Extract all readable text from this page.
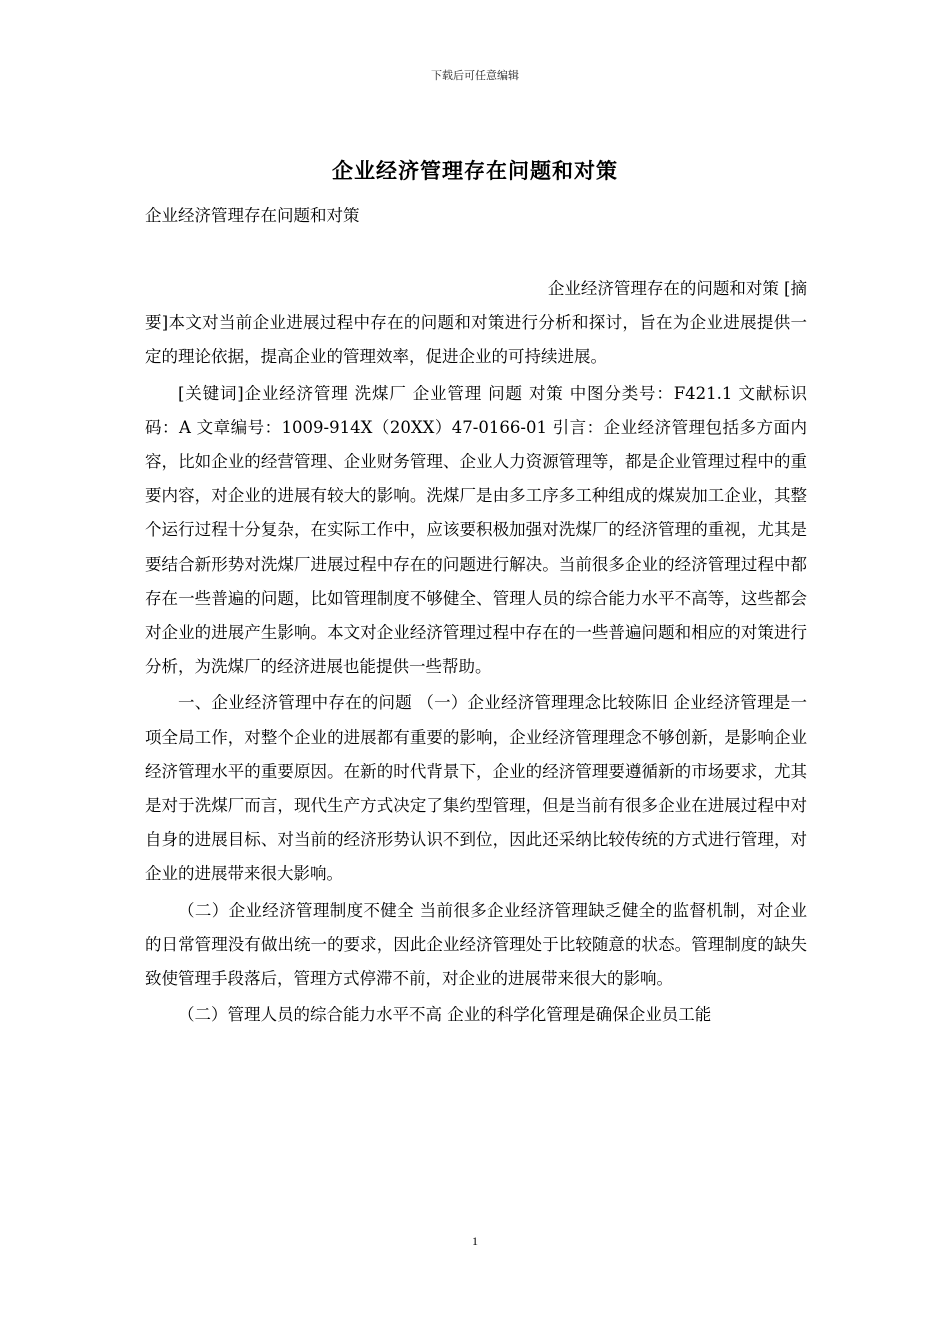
下载后可任意编辑
企业经济管理存在问题和对策
企业经济管理存在问题和对策

企业经济管理存在的问题和对策 [摘

要]本文对当前企业进展过程中存在的问题和对策进行分析和探讨，旨在为企业进展提供一定的理论依据，提高企业的管理效率，促进企业的可持续进展。

[关键词]企业经济管理 洗煤厂 企业管理 问题 对策 中图分类号：F421.1 文献标识码：A 文章编号：1009-914X（20XX）47-0166-01 引言：企业经济管理包括多方面内容，比如企业的经营管理、企业财务管理、企业人力资源管理等，都是企业管理过程中的重要内容，对企业的进展有较大的影响。洗煤厂是由多工序多工种组成的煤炭加工企业，其整个运行过程十分复杂，在实际工作中，应该要积极加强对洗煤厂的经济管理的重视，尤其是要结合新形势对洗煤厂进展过程中存在的问题进行解决。当前很多企业的经济管理过程中都存在一些普遍的问题，比如管理制度不够健全、管理人员的综合能力水平不高等，这些都会对企业的进展产生影响。本文对企业经济管理过程中存在的一些普遍问题和相应的对策进行分析，为洗煤厂的经济进展也能提供一些帮助。

一、企业经济管理中存在的问题 （一）企业经济管理理念比较陈旧 企业经济管理是一项全局工作，对整个企业的进展都有重要的影响，企业经济管理理念不够创新，是影响企业经济管理水平的重要原因。在新的时代背景下，企业的经济管理要遵循新的市场要求，尤其是对于洗煤厂而言，现代生产方式决定了集约型管理，但是当前有很多企业在进展过程中对自身的进展目标、对当前的经济形势认识不到位，因此还采纳比较传统的方式进行管理，对企业的进展带来很大影响。

（二）企业经济管理制度不健全 当前很多企业经济管理缺乏健全的监督机制，对企业的日常管理没有做出统一的要求，因此企业经济管理处于比较随意的状态。管理制度的缺失致使管理手段落后，管理方式停滞不前，对企业的进展带来很大的影响。

（二）管理人员的综合能力水平不高 企业的科学化管理是确保企业员工能

1
